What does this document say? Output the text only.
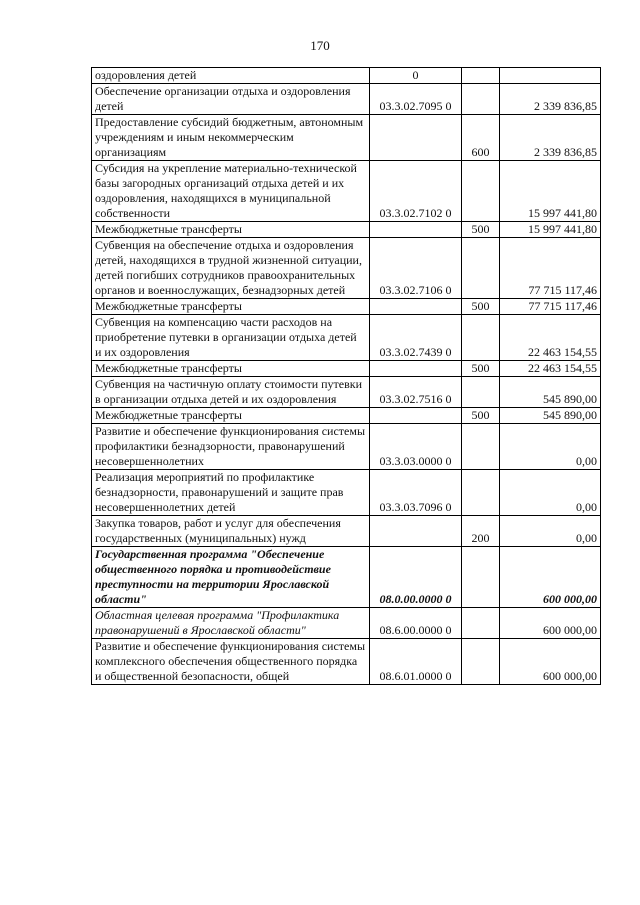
170
оздоровления детей	0		
Обеспечение организации отдыха и оздоровления детей	03.3.02.7095 0		2 339 836,85
Предоставление субсидий бюджетным, автономным учреждениям и иным некоммерческим организациям		600	2 339 836,85
Субсидия на укрепление материально-технической базы загородных организаций отдыха детей и их оздоровления, находящихся в муниципальной собственности	03.3.02.7102 0		15 997 441,80
Межбюджетные трансферты		500	15 997 441,80
Субвенция на обеспечение отдыха и оздоровления детей, находящихся в трудной жизненной ситуации, детей погибших сотрудников правоохранительных органов и военнослужащих, безнадзорных детей	03.3.02.7106 0		77 715 117,46
Межбюджетные трансферты		500	77 715 117,46
Субвенция на компенсацию части расходов на приобретение путевки в организации отдыха детей и их оздоровления	03.3.02.7439 0		22 463 154,55
Межбюджетные трансферты		500	22 463 154,55
Субвенция на частичную оплату стоимости путевки в организации отдыха детей и их оздоровления	03.3.02.7516 0		545 890,00
Межбюджетные трансферты		500	545 890,00
Развитие и обеспечение функционирования системы профилактики безнадзорности, правонарушений несовершеннолетних	03.3.03.0000 0		0,00
Реализация мероприятий по профилактике безнадзорности, правонарушений и защите прав несовершеннолетних детей	03.3.03.7096 0		0,00
Закупка товаров, работ и услуг для обеспечения государственных (муниципальных) нужд		200	0,00
Государственная программа "Обеспечение общественного порядка и противодействие преступности на территории Ярославской области"	08.0.00.0000 0		600 000,00
Областная целевая программа "Профилактика правонарушений в Ярославской области"	08.6.00.0000 0		600 000,00
Развитие и обеспечение функционирования системы комплексного обеспечения общественного порядка и общественной безопасности, общей	08.6.01.0000 0		600 000,00
